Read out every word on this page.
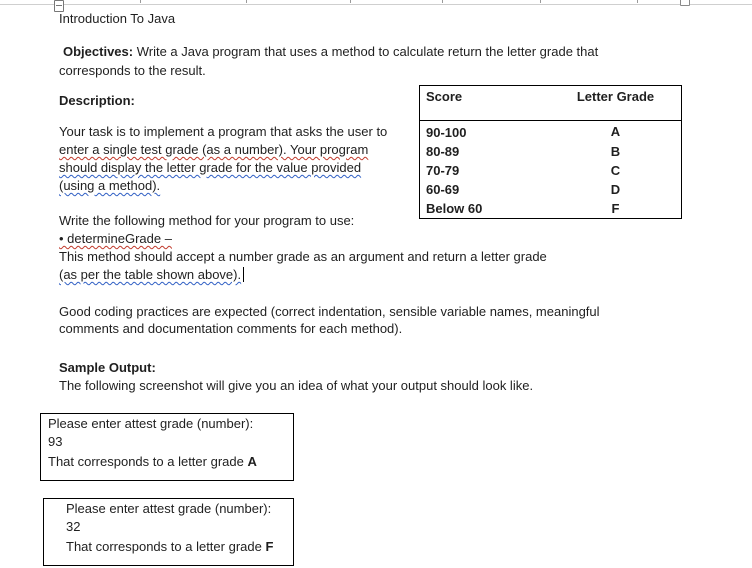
Introduction To Java
Objectives: Write a Java program that uses a method to calculate return the letter grade that
corresponds to the result.
Description:
Your task is to implement a program that asks the user to
enter a single test grade (as a number). Your program
should display the letter grade for the value provided
(using a method).
Score	Letter Grade
90-100	A
80-89	B
70-79	C
60-69	D
Below 60	F
Write the following method for your program to use:
• determineGrade –
This method should accept a number grade as an argument and return a letter grade
(as per the table shown above).
Good coding practices are expected (correct indentation, sensible variable names, meaningful
comments and documentation comments for each method).
Sample Output:
The following screenshot will give you an idea of what your output should look like.
Please enter attest grade (number):
93
That corresponds to a letter grade A
Please enter attest grade (number):
32
That corresponds to a letter grade F
